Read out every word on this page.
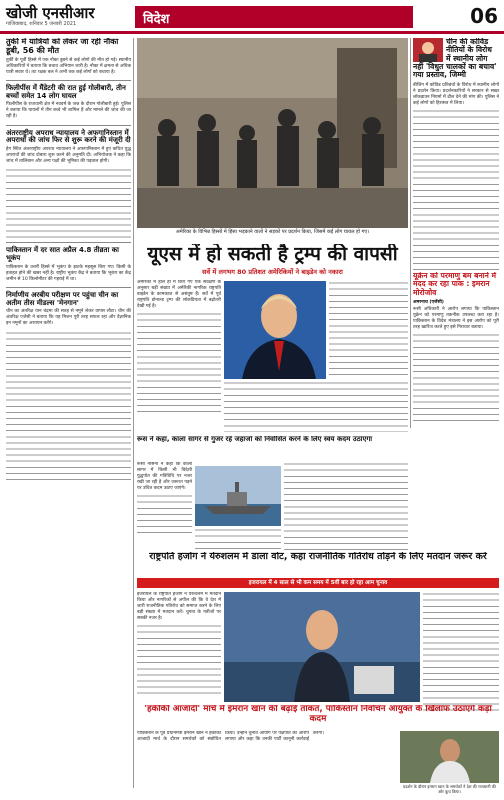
खोजी एनसीआर
गाजियाबाद, शनिवार 5 जनवरी 2021	विदेश	06
तुर्की में यात्रियों को लेकर जा रही नौका डूबी, 56 की मौत
तुर्की के पूर्वी हिस्से में एक नौका डूबने से कई लोगों की मौत हो गई। स्थानीय अधिकारियों ने बताया कि बचाव अभियान जारी है। नौका में क्षमता से अधिक यात्री सवार थे। तट रक्षक बल ने अभी तक कई लोगों को बचाया है।
फिलीपींस में मैंडेटरी की रात हुई गोलीबारी, तीन बच्चों समेत 14 लोग घायल
फिलीपींस के राजधानी क्षेत्र में नववर्ष के जश्न के दौरान गोलीबारी हुई। पुलिस ने बताया कि घायलों में तीन बच्चे भी शामिल हैं और मामले की जांच की जा रही है।
अंतरराष्ट्रीय अपराध न्यायालय ने अफगानिस्तान में अपराधों की जांच फिर से शुरू करने की मंजूरी दी
हेग स्थित अंतरराष्ट्रीय अपराध न्यायालय ने अफगानिस्तान में हुए कथित युद्ध अपराधों की जांच दोबारा शुरू करने की अनुमति दी। अभियोजक ने कहा कि जांच में तालिबान और अन्य पक्षों की भूमिका की पड़ताल होगी।
पाकिस्तान में दर सात अप्रैल 4.8 तीव्रता का भूकंप
पाकिस्तान के उत्तरी हिस्से में भूकंप के झटके महसूस किए गए। किसी के हताहत होने की खबर नहीं है। राष्ट्रीय भूकंप केंद्र ने बताया कि भूकंप का केंद्र जमीन से 10 किलोमीटर की गहराई में था।
निर्माणीय अरबीय परीक्षण पर पहुंचा चीन का अतीम तीस मीडल्स 'मेनगान'
चीन का अंतरिक्ष यान चंद्रमा की सतह से नमूने लेकर वापस लौटा। चीन की अंतरिक्ष एजेंसी ने बताया कि यह मिशन पूरी तरह सफल रहा और वैज्ञानिक इन नमूनों का अध्ययन करेंगे।
अमेरिका के विभिन्न हिस्सों में हिंसा भड़काने वालों ने सड़कों पर प्रदर्शन किया, जिसमें कई लोग घायल हो गए।
यूएस में हो सकती है ट्रम्प की वापसी
सर्वे में लगभग 80 प्रतिशत अमेरिकियों ने बाइडेन को नकारा
अमेरिका में हाल ही में किए गए एक सर्वेक्षण के अनुसार बड़ी संख्या में अमेरिकी नागरिक राष्ट्रपति बाइडेन के कामकाज से असंतुष्ट हैं। सर्वे में पूर्व राष्ट्रपति डोनाल्ड ट्रम्प की लोकप्रियता में बढ़ोतरी देखी गई है।
चीन की कोविड नीतियों के विरोध में स्थानीय लोग नहीं 'विधुत चालकों का बचाव' गया प्रस्ताव, जिम्मी
बीजिंग में कोविड प्रतिबंधों के विरोध में स्थानीय लोगों ने प्रदर्शन किया। प्रदर्शनकारियों ने सरकार से सख्त लॉकडाउन नियमों में ढील देने की मांग की। पुलिस ने कई लोगों को हिरासत में लिया।
यूक्रेन को परमाणु बम बनाने में मदद कर रहा पाक : इमरान मोरोजोव
अमरनाथ (एजेंसी)
रूसी अधिकारी ने आरोप लगाया कि पाकिस्तान यूक्रेन को परमाणु तकनीक उपलब्ध करा रहा है। पाकिस्तान के विदेश मंत्रालय ने इस आरोप को पूरी तरह खारिज करते हुए इसे निराधार बताया।
रूस ने कहा, काला सागर से गुजर रहे जहाजों को निर्वासित करने के लिए स्वयं कदम उठाएगा
रूसी नौसेना ने कहा कि काला सागर में किसी भी विदेशी युद्धपोत की गतिविधि पर नजर रखी जा रही है और जरूरत पड़ने पर उचित कदम उठाए जाएंगे।
राष्ट्रपति हर्जोग ने येरुशलम में डाला वोट, कहा राजनीतिक गतिरोध तोड़ने के लिए मतदान जरूर करें
इजरायल में 4 साल से भी कम समय में 5वीं बार हो रहा आम चुनाव
इजरायल के राष्ट्रपति हर्जोग ने येरुशलम में मतदान किया और नागरिकों से अपील की कि वे देश में जारी राजनीतिक गतिरोध को समाप्त करने के लिए बड़ी संख्या में मतदान करें। चुनाव के नतीजों पर सबकी नजर है।
'हकीकी आजादी' मार्च में इमरान खान की बढ़ाई ताकत, पाकिस्तान निर्वाचन आयुक्त के खिलाफ उठाएंगे कड़ा कदम
पाकिस्तान के पूर्व प्रधानमंत्री इमरान खान ने हकीकी आजादी मार्च के दौरान समर्थकों को संबोधित किया। उन्होंने चुनाव आयोग पर पक्षपात का आरोप लगाया और कहा कि उनकी पार्टी कानूनी कार्रवाई करेगी।
प्रदर्शन के दौरान इमरान खान के समर्थकों ने देश की राजधानी की ओर कूच किया।
